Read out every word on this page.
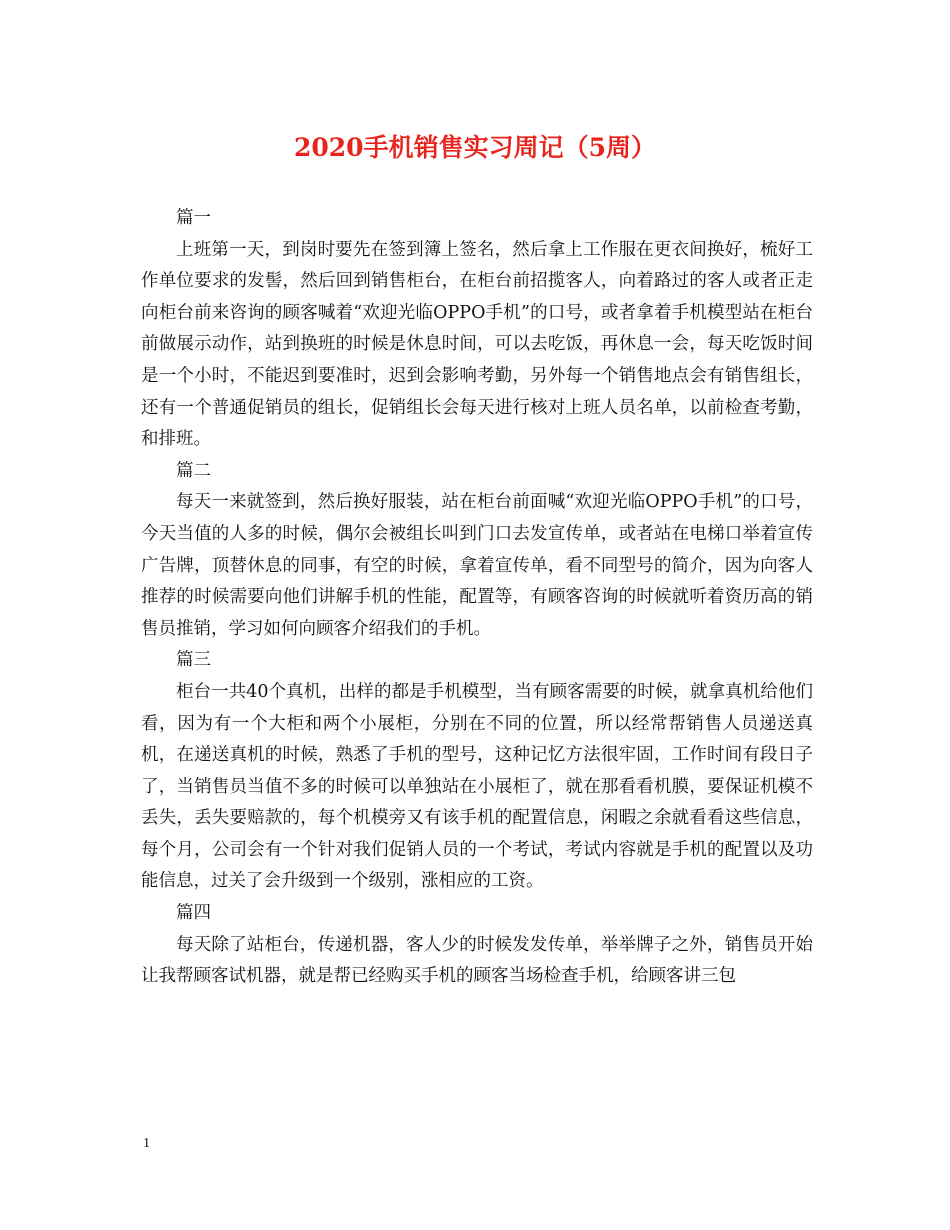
2020手机销售实习周记（5周）

篇一

上班第一天，到岗时要先在签到簿上签名，然后拿上工作服在更衣间换好，梳好工作单位要求的发髻，然后回到销售柜台，在柜台前招揽客人，向着路过的客人或者正走向柜台前来咨询的顾客喊着“欢迎光临OPPO手机”的口号，或者拿着手机模型站在柜台前做展示动作，站到换班的时候是休息时间，可以去吃饭，再休息一会，每天吃饭时间是一个小时，不能迟到要准时，迟到会影响考勤，另外每一个销售地点会有销售组长，还有一个普通促销员的组长，促销组长会每天进行核对上班人员名单，以前检查考勤，和排班。

篇二

每天一来就签到，然后换好服装，站在柜台前面喊“欢迎光临OPPO手机”的口号，今天当值的人多的时候，偶尔会被组长叫到门口去发宣传单，或者站在电梯口举着宣传广告牌，顶替休息的同事，有空的时候，拿着宣传单，看不同型号的简介，因为向客人推荐的时候需要向他们讲解手机的性能，配置等，有顾客咨询的时候就听着资历高的销售员推销，学习如何向顾客介绍我们的手机。

篇三

柜台一共40个真机，出样的都是手机模型，当有顾客需要的时候，就拿真机给他们看，因为有一个大柜和两个小展柜，分别在不同的位置，所以经常帮销售人员递送真机，在递送真机的时候，熟悉了手机的型号，这种记忆方法很牢固，工作时间有段日子了，当销售员当值不多的时候可以单独站在小展柜了，就在那看看机膜，要保证机模不丢失，丢失要赔款的，每个机模旁又有该手机的配置信息，闲暇之余就看看这些信息，每个月，公司会有一个针对我们促销人员的一个考试，考试内容就是手机的配置以及功能信息，过关了会升级到一个级别，涨相应的工资。

篇四

每天除了站柜台，传递机器，客人少的时候发发传单，举举牌子之外，销售员开始让我帮顾客试机器，就是帮已经购买手机的顾客当场检查手机，给顾客讲三包

1
